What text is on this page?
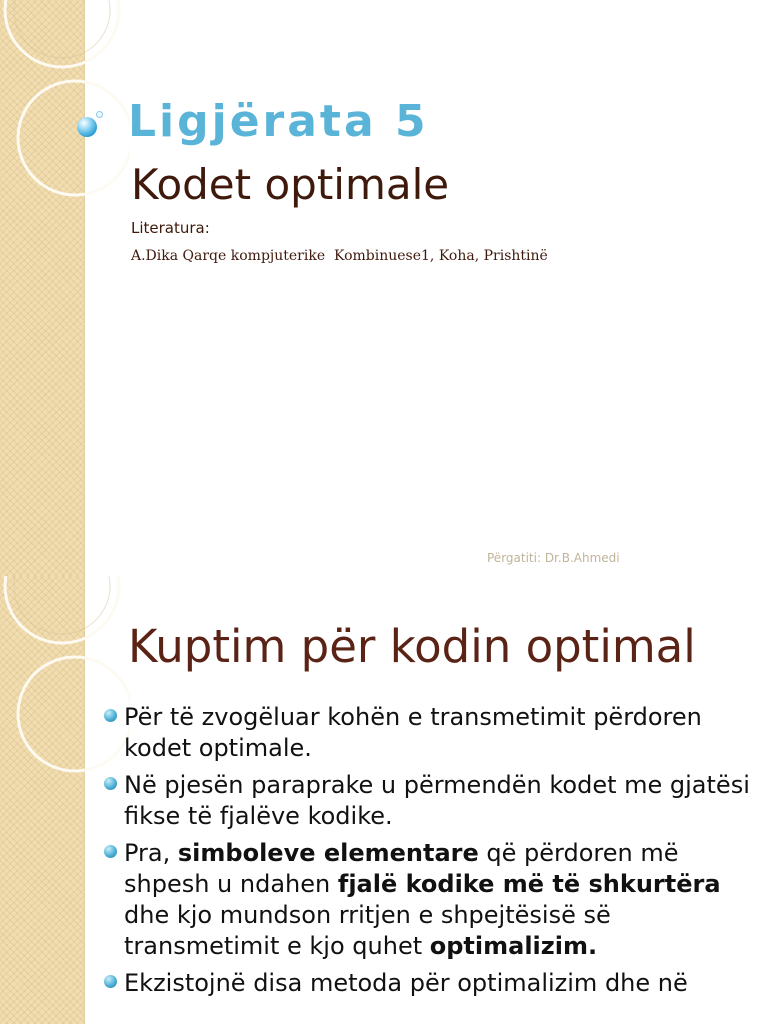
Ligjërata 5
Kodet optimale
Literatura:
A.Dika Qarqe kompjuterike  Kombinuese1, Koha, Prishtinë
Përgatiti: Dr.B.Ahmedi
Kuptim për kodin optimal
Për të zvogëluar kohën e transmetimit përdoren kodet optimale.
Në pjesën paraprake u përmendën kodet me gjatësi fikse të fjalëve kodike.
Pra, simboleve elementare që përdoren më shpesh u ndahen fjalë kodike më të shkurtëra dhe kjo mundson rritjen e shpejtësisë së transmetimit e kjo quhet optimalizim.
Ekzistojnë disa metoda për optimalizim dhe në
